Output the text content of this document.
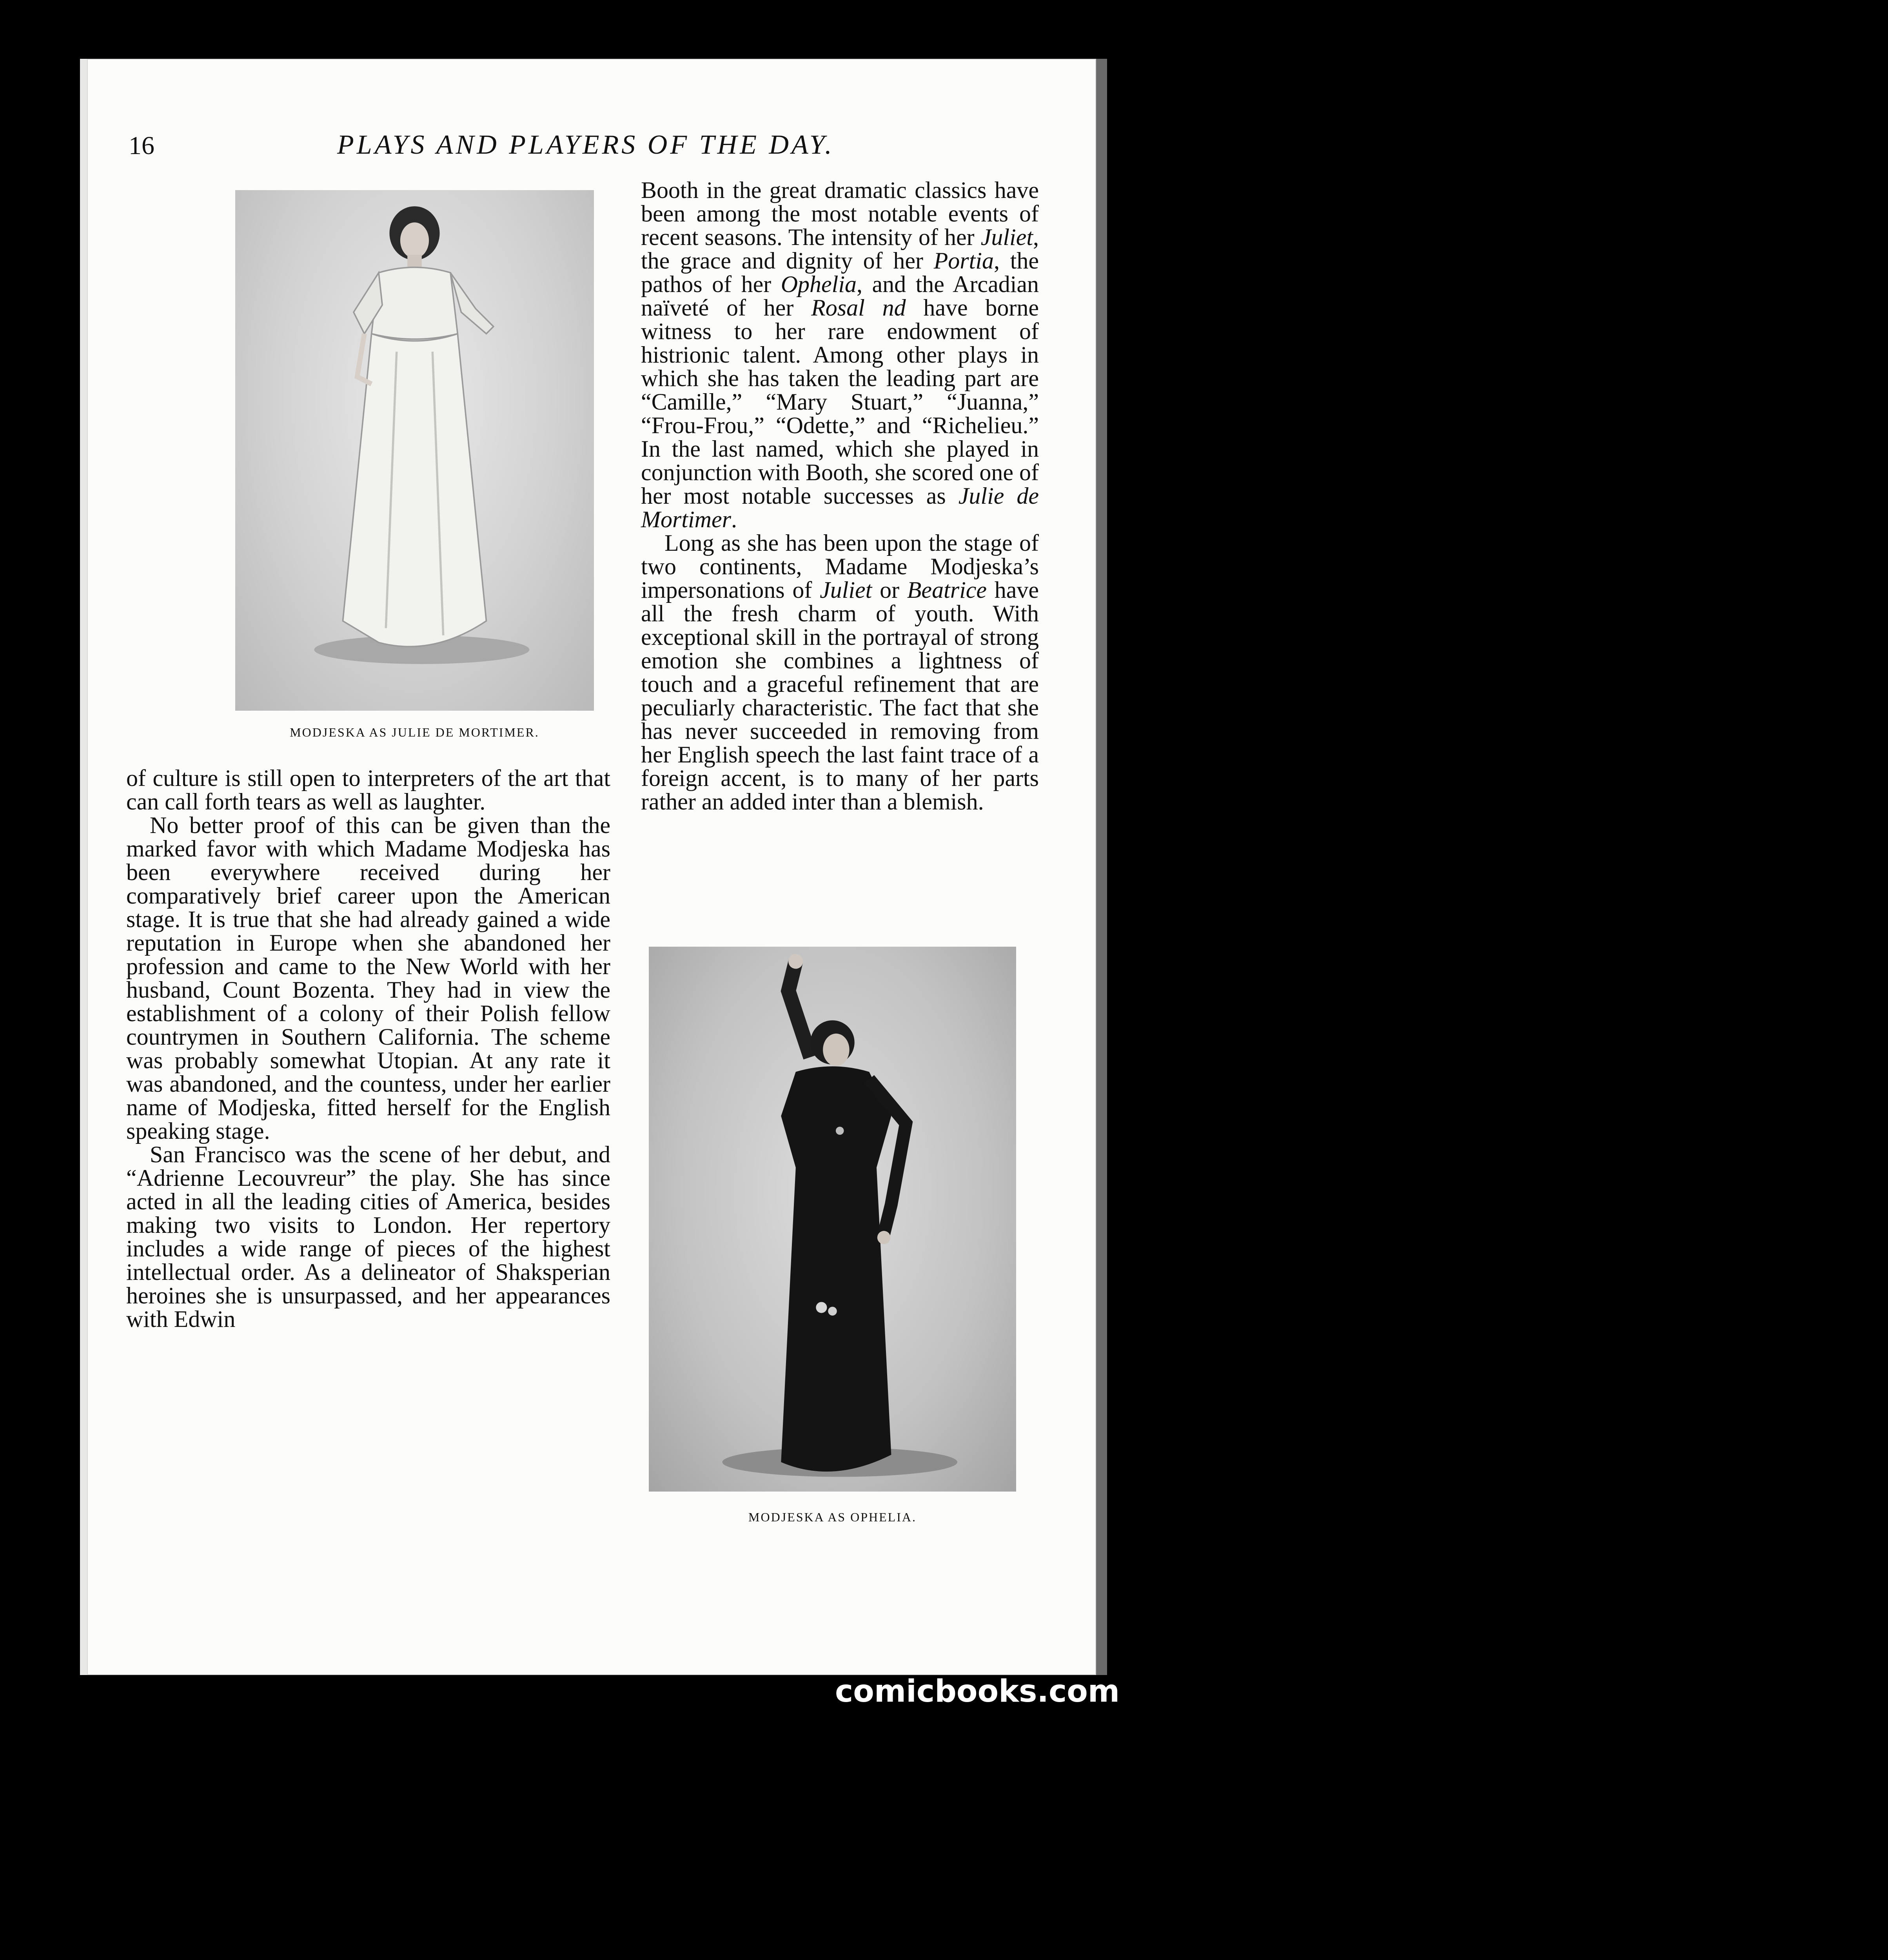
16	PLAYS AND PLAYERS OF THE DAY.
MODJESKA AS JULIE DE MORTIMER.

of culture is still open to interpreters of the art that can call forth tears as well as laughter.

No better proof of this can be given than the marked favor with which Madame Modjeska has been everywhere received during her comparatively brief career upon the American stage. It is true that she had already gained a wide reputation in Europe when she abandoned her profession and came to the New World with her husband, Count Bozenta. They had in view the establishment of a colony of their Polish fellow countrymen in Southern California. The scheme was probably somewhat Utopian. At any rate it was abandoned, and the countess, under her earlier name of Modjeska, fitted herself for the English speaking stage.

San Francisco was the scene of her debut, and “Adrienne Lecouvreur” the play. She has since acted in all the leading cities of America, besides making two visits to London. Her repertory includes a wide range of pieces of the highest intellectual order. As a delineator of Shaksperian heroines she is unsurpassed, and her appearances with Edwin

Booth in the great dramatic classics have been among the most notable events of recent seasons. The intensity of her Juliet, the grace and dignity of her Portia, the pathos of her Ophelia, and the Arcadian naïveté of her Rosal nd have borne witness to her rare endowment of histrionic talent. Among other plays in which she has taken the leading part are “Camille,” “Mary Stuart,” “Juanna,” “Frou-Frou,” “Odette,” and “Richelieu.” In the last named, which she played in conjunction with Booth, she scored one of her most notable successes as Julie de Mortimer.

Long as she has been upon the stage of two continents, Madame Modjeska’s impersonations of Juliet or Beatrice have all the fresh charm of youth. With exceptional skill in the portrayal of strong emotion she combines a lightness of touch and a graceful refinement that are peculiarly characteristic. The fact that she has never succeeded in removing from her English speech the last faint trace of a foreign accent, is to many of her parts rather an added inter than a blemish.

MODJESKA AS OPHELIA.
comicbooks.com
